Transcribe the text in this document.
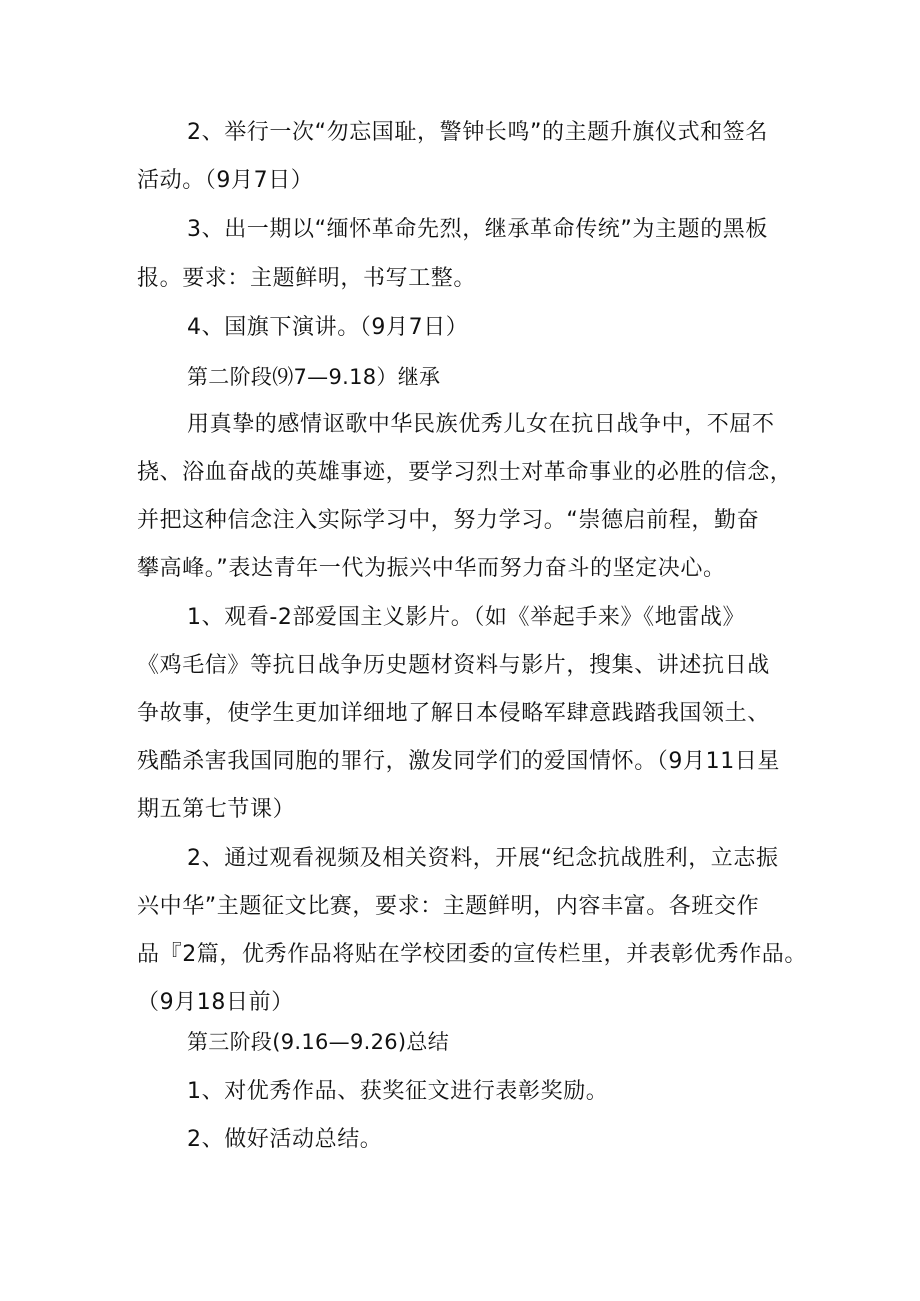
2、举行一次“勿忘国耻，警钟长鸣”的主题升旗仪式和签名
活动。（9月7日）
3、出一期以“缅怀革命先烈，继承革命传统”为主题的黑板
报。要求：主题鲜明，书写工整。
4、国旗下演讲。（9月7日）
第二阶段⑼7—9.18）继承
用真挚的感情讴歌中华民族优秀儿女在抗日战争中，不屈不
挠、浴血奋战的英雄事迹，要学习烈士对革命事业的必胜的信念，
并把这种信念注入实际学习中，努力学习。“崇德启前程，勤奋
攀高峰。”表达青年一代为振兴中华而努力奋斗的坚定决心。
1、观看-2部爱国主义影片。（如《举起手来》《地雷战》
《鸡毛信》等抗日战争历史题材资料与影片，搜集、讲述抗日战
争故事，使学生更加详细地了解日本侵略军肆意践踏我国领土、
残酷杀害我国同胞的罪行，激发同学们的爱国情怀。（9月11日星
期五第七节课）
2、通过观看视频及相关资料，开展“纪念抗战胜利，立志振
兴中华”主题征文比赛，要求：主题鲜明，内容丰富。各班交作
品『2篇，优秀作品将贴在学校团委的宣传栏里，并表彰优秀作品。
（9月18日前）
第三阶段(9.16—9.26)总结
1、对优秀作品、获奖征文进行表彰奖励。
2、做好活动总结。
